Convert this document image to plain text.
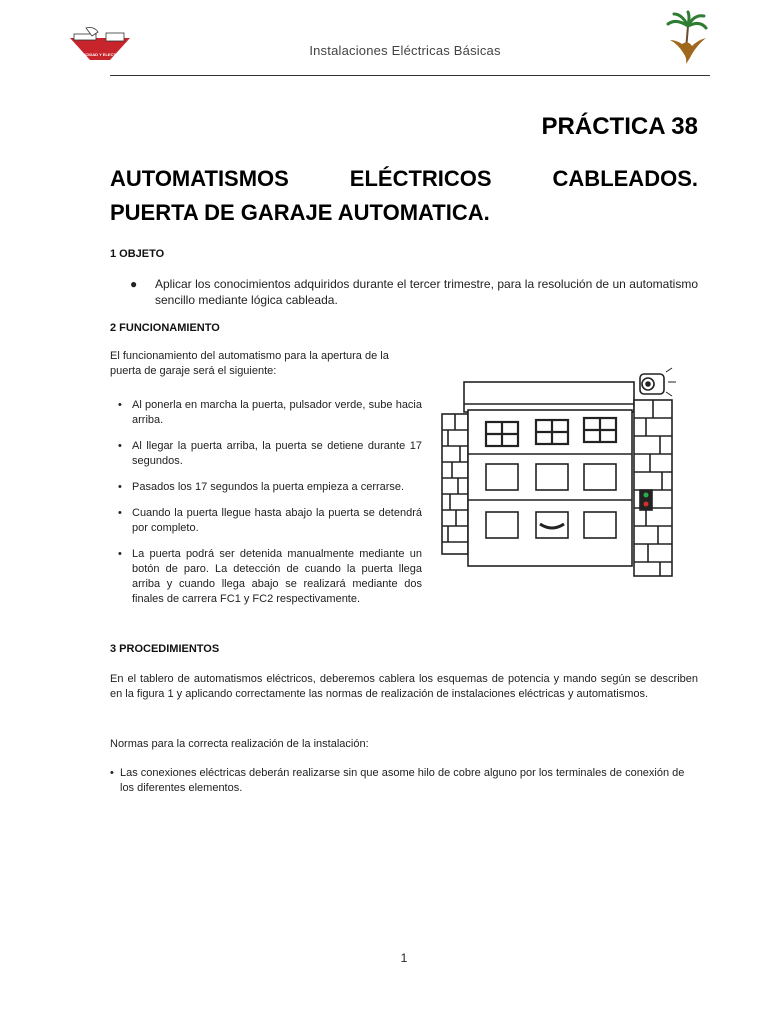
ELECTRICIDAD Y ELECTRÓNICA	Instalaciones Eléctricas Básicas
PRÁCTICA 38
AUTOMATISMOS	ELÉCTRICOS	CABLEADOS.
PUERTA DE GARAJE AUTOMATICA.
1 OBJETO
●	Aplicar los conocimientos adquiridos durante el tercer trimestre, para la resolución de un automatismo sencillo mediante lógica cableada.
2 FUNCIONAMIENTO
El funcionamiento del automatismo para la apertura de la puerta de garaje será el siguiente:
• Al ponerla en marcha la puerta, pulsador verde, sube hacia arriba.
• Al llegar la puerta arriba, la puerta se detiene durante 17 segundos.
• Pasados los 17 segundos la puerta empieza a cerrarse.
• Cuando la puerta llegue hasta abajo la puerta se detendrá por completo.
• La puerta podrá ser detenida manualmente mediante un botón de paro. La detección de cuando la puerta llega arriba y cuando llega abajo se realizará mediante dos finales de carrera FC1 y FC2 respectivamente.
3 PROCEDIMIENTOS
En el tablero de automatismos eléctricos, deberemos cablera los esquemas de potencia y mando según se describen en la figura 1 y aplicando correctamente las normas de realización de instalaciones eléctricas y automatismos.
Normas para la correcta realización de la instalación:
• Las conexiones eléctricas deberán realizarse sin que asome hilo de cobre alguno por los terminales de conexión de los diferentes elementos.
1
